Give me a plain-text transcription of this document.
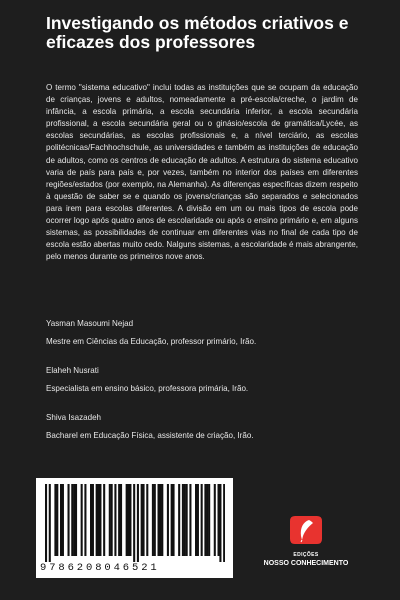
Investigando os métodos criativos e eficazes dos professores

O termo "sistema educativo" inclui todas as instituições que se ocupam da educação de crianças, jovens e adultos, nomeadamente a pré-escola/creche, o jardim de infância, a escola primária, a escola secundária inferior, a escola secundária profissional, a escola secundária geral ou o ginásio/escola de gramática/Lycée, as escolas secundárias, as escolas profissionais e, a nível terciário, as escolas politécnicas/Fachhochschule, as universidades e também as instituições de educação de adultos, como os centros de educação de adultos. A estrutura do sistema educativo varia de país para país e, por vezes, também no interior dos países em diferentes regiões/estados (por exemplo, na Alemanha). As diferenças específicas dizem respeito à questão de saber se e quando os jovens/crianças são separados e selecionados para irem para escolas diferentes. A divisão em um ou mais tipos de escola pode ocorrer logo após quatro anos de escolaridade ou após o ensino primário e, em alguns sistemas, as possibilidades de continuar em diferentes vias no final de cada tipo de escola estão abertas muito cedo. Nalguns sistemas, a escolaridade é mais abrangente, pelo menos durante os primeiros nove anos.

Yasman Masoumi Nejad
Mestre em Ciências da Educação, professor primário, Irão.
Elaheh Nusrati
Especialista em ensino básico, professora primária, Irão.
Shiva Isazadeh
Bacharel em Educação Física, assistente de criação, Irão.
9786208046521
EDIÇÕES
NOSSO CONHECIMENTO
